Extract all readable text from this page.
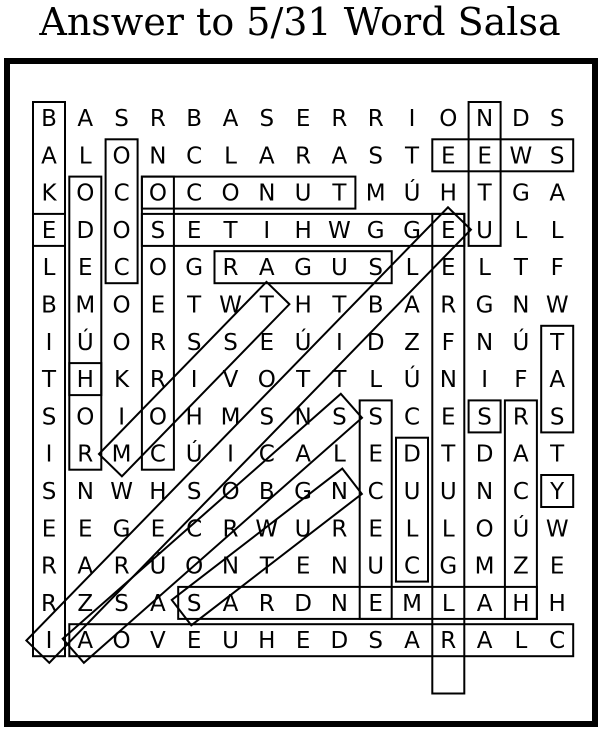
Answer to 5/31 Word Salsa
B A S R B A S E R R I O N D S
A L O N C L A R A S T E E W S
K O C O C O N U T M Ú H T G A
E D O S E T I H W G G E U L L
L E C O G R A G U S L E L T F
B M O E T W T H T B A R G N W
I Ú O R S S E Ú I D Z F N Ú T
T H K R I V O T T L Ú N I F A
S O I O H M S N S S C E S R S
I R M C Ú I C A L E D T D A T
S N W H S O B G N C U U N C Y
E E G E C R W U R E L L O Ú W
R A R Ú O N T E N U C G M Z E
R Z S A S A R D N E M L A H H
I A O V E U H E D S A R A L C
